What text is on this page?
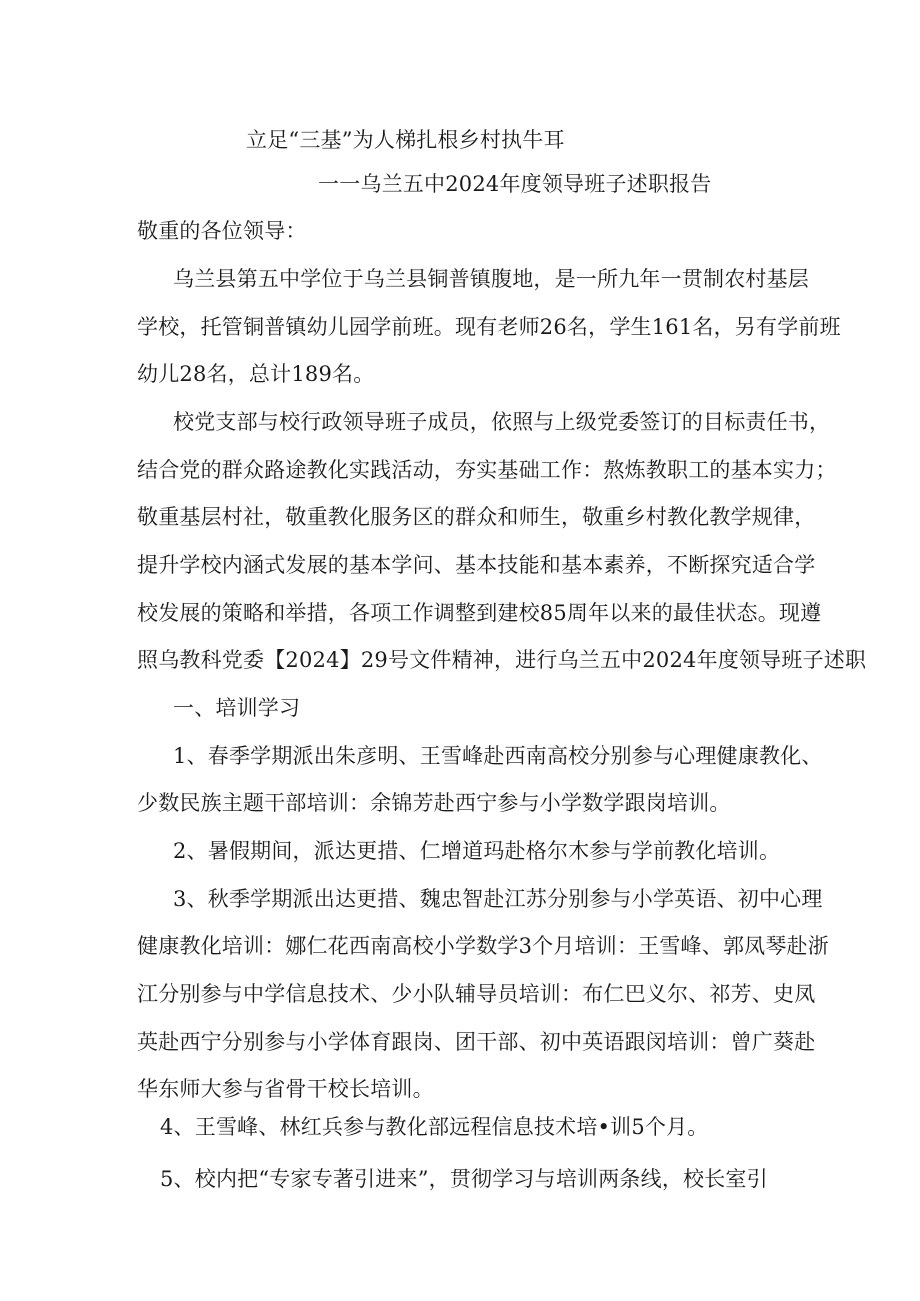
立足“三基”为人梯扎根乡村执牛耳
一一乌兰五中2024年度领导班子述职报告
敬重的各位领导：
乌兰县第五中学位于乌兰县铜普镇腹地，是一所九年一贯制农村基层
学校，托管铜普镇幼儿园学前班。现有老师26名，学生161名，另有学前班
幼儿28名，总计189名。
校党支部与校行政领导班子成员，依照与上级党委签订的目标责任书，
结合党的群众路途教化实践活动，夯实基础工作：熬炼教职工的基本实力；
敬重基层村社，敬重教化服务区的群众和师生，敬重乡村教化教学规律，
提升学校内涵式发展的基本学问、基本技能和基本素养，不断探究适合学
校发展的策略和举措，各项工作调整到建校85周年以来的最佳状态。现遵
照乌教科党委【2024】29号文件精神，进行乌兰五中2024年度领导班子述职
一、培训学习
1、春季学期派出朱彦明、王雪峰赴西南高校分别参与心理健康教化、
少数民族主题干部培训：余锦芳赴西宁参与小学数学跟岗培训。
2、暑假期间，派达更措、仁增道玛赴格尔木参与学前教化培训。
3、秋季学期派出达更措、魏忠智赴江苏分别参与小学英语、初中心理
健康教化培训：娜仁花西南高校小学数学3个月培训：王雪峰、郭凤琴赴浙
江分别参与中学信息技术、少小队辅导员培训：布仁巴义尔、祁芳、史凤
英赴西宁分别参与小学体育跟岗、团干部、初中英语跟闵培训：曾广葵赴
华东师大参与省骨干校长培训。
4、王雪峰、林红兵参与教化部远程信息技术培•训5个月。
5、校内把“专家专著引进来”，贯彻学习与培训两条线，校长室引
